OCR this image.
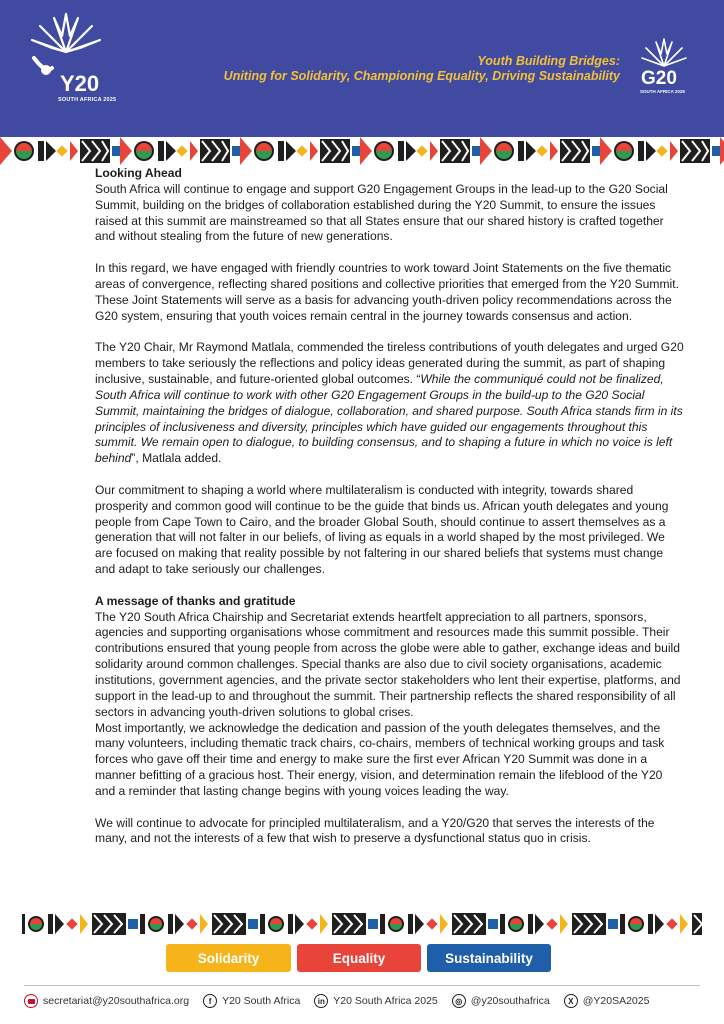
Y20
SOUTH AFRICA 2025
Youth Building Bridges:
Uniting for Solidarity, Championing Equality, Driving Sustainability G20
SOUTH AFRICA 2025
Looking Ahead

South Africa will continue to engage and support G20 Engagement Groups in the lead-up to the G20 Social Summit, building on the bridges of collaboration established during the Y20 Summit, to ensure the issues raised at this summit are mainstreamed so that all States ensure that our shared history is crafted together and without stealing from the future of new generations.

In this regard, we have engaged with friendly countries to work toward Joint Statements on the five thematic areas of convergence, reflecting shared positions and collective priorities that emerged from the Y20 Summit. These Joint Statements will serve as a basis for advancing youth-driven policy recommendations across the G20 system, ensuring that youth voices remain central in the journey towards consensus and action.

The Y20 Chair, Mr Raymond Matlala, commended the tireless contributions of youth delegates and urged G20 members to take seriously the reflections and policy ideas generated during the summit, as part of shaping inclusive, sustainable, and future-oriented global outcomes. “While the communiqué could not be finalized, South Africa will continue to work with other G20 Engagement Groups in the build-up to the G20 Social Summit, maintaining the bridges of dialogue, collaboration, and shared purpose. South Africa stands firm in its principles of inclusiveness and diversity, principles which have guided our engagements throughout this summit. We remain open to dialogue, to building consensus, and to shaping a future in which no voice is left behind”, Matlala added.

Our commitment to shaping a world where multilateralism is conducted with integrity, towards shared prosperity and common good will continue to be the guide that binds us. African youth delegates and young people from Cape Town to Cairo, and the broader Global South, should continue to assert themselves as a generation that will not falter in our beliefs, of living as equals in a world shaped by the most privileged. We are focused on making that reality possible by not faltering in our shared beliefs that systems must change and adapt to take seriously our challenges.

A message of thanks and gratitude

The Y20 South Africa Chairship and Secretariat extends heartfelt appreciation to all partners, sponsors, agencies and supporting organisations whose commitment and resources made this summit possible. Their contributions ensured that young people from across the globe were able to gather, exchange ideas and build solidarity around common challenges. Special thanks are also due to civil society organisations, academic institutions, government agencies, and the private sector stakeholders who lent their expertise, platforms, and support in the lead-up to and throughout the summit. Their partnership reflects the shared responsibility of all sectors in advancing youth-driven solutions to global crises.

Most importantly, we acknowledge the dedication and passion of the youth delegates themselves, and the many volunteers, including thematic track chairs, co-chairs, members of technical working groups and task forces who gave off their time and energy to make sure the first ever African Y20 Summit was done in a manner befitting of a gracious host. Their energy, vision, and determination remain the lifeblood of the Y20 and a reminder that lasting change begins with young voices leading the way.

We will continue to advocate for principled multilateralism, and a Y20/G20 that serves the interests of the many, and not the interests of a few that wish to preserve a dysfunctional status quo in crisis.

Solidarity	Equality	Sustainability
secretariat@y20southafrica.org	f	Y20 South Africa	in Y20 South Africa 2025	◎ @y20southafrica	X @Y20SA2025
